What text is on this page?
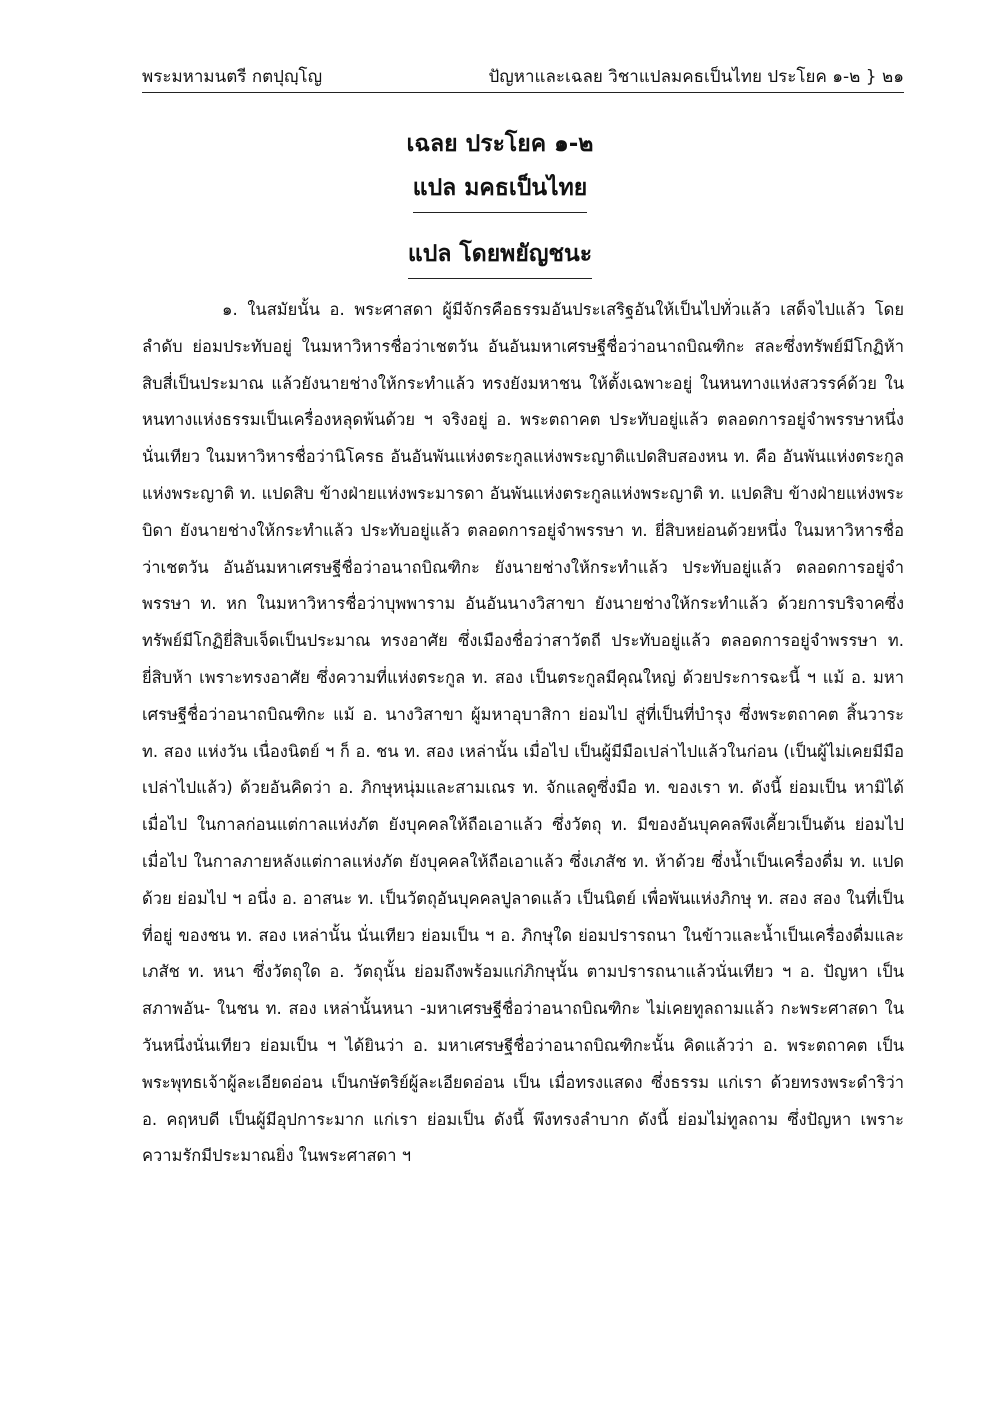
พระมหามนตรี กตปุญฺโญ	ปัญหาและเฉลย วิชาแปลมคธเป็นไทย ประโยค ๑-๒ } ๒๑
เฉลย ประโยค ๑-๒
แปล มคธเป็นไทย
แปล โดยพยัญชนะ

๑. ในสมัยนั้น อ. พระศาสดา ผู้มีจักรคือธรรมอันประเสริฐอันให้เป็นไปทั่วแล้ว เสด็จไปแล้ว โดยลำดับ ย่อมประทับอยู่ ในมหาวิหารชื่อว่าเชตวัน อันอันมหาเศรษฐีชื่อว่าอนาถบิณฑิกะ สละซึ่งทรัพย์มีโกฏิห้าสิบสี่เป็นประมาณ แล้วยังนายช่างให้กระทำแล้ว ทรงยังมหาชน ให้ตั้งเฉพาะอยู่ ในหนทางแห่งสวรรค์ด้วย ในหนทางแห่งธรรมเป็นเครื่องหลุดพ้นด้วย ฯ จริงอยู่ อ. พระตถาคต ประทับอยู่แล้ว ตลอดการอยู่จำพรรษาหนึ่งนั่นเทียว ในมหาวิหารชื่อว่านิโครธ อันอันพันแห่งตระกูลแห่งพระญาติแปดสิบสองหน ท. คือ อันพันแห่งตระกูลแห่งพระญาติ ท. แปดสิบ ข้างฝ่ายแห่งพระมารดา อันพันแห่งตระกูลแห่งพระญาติ ท. แปดสิบ ข้างฝ่ายแห่งพระบิดา ยังนายช่างให้กระทำแล้ว ประทับอยู่แล้ว ตลอดการอยู่จำพรรษา ท. ยี่สิบหย่อนด้วยหนึ่ง ในมหาวิหารชื่อว่าเชตวัน อันอันมหาเศรษฐีชื่อว่าอนาถบิณฑิกะ ยังนายช่างให้กระทำแล้ว ประทับอยู่แล้ว ตลอดการอยู่จำพรรษา ท. หก ในมหาวิหารชื่อว่าบุพพาราม อันอันนางวิสาขา ยังนายช่างให้กระทำแล้ว ด้วยการบริจาคซึ่งทรัพย์มีโกฏิยี่สิบเจ็ดเป็นประมาณ ทรงอาศัย ซึ่งเมืองชื่อว่าสาวัตถี ประทับอยู่แล้ว ตลอดการอยู่จำพรรษา ท. ยี่สิบห้า เพราะทรงอาศัย ซึ่งความที่แห่งตระกูล ท. สอง เป็นตระกูลมีคุณใหญ่ ด้วยประการฉะนี้ ฯ แม้ อ. มหาเศรษฐีชื่อว่าอนาถบิณฑิกะ แม้ อ. นางวิสาขา ผู้มหาอุบาสิกา ย่อมไป สู่ที่เป็นที่บำรุง ซึ่งพระตถาคต สิ้นวาระ ท. สอง แห่งวัน เนื่องนิตย์ ฯ ก็ อ. ชน ท. สอง เหล่านั้น เมื่อไป เป็นผู้มีมือเปล่าไปแล้วในก่อน (เป็นผู้ไม่เคยมีมือเปล่าไปแล้ว) ด้วยอันคิดว่า อ. ภิกษุหนุ่มและสามเณร ท. จักแลดูซึ่งมือ ท. ของเรา ท. ดังนี้ ย่อมเป็น หามิได้ เมื่อไป ในกาลก่อนแต่กาลแห่งภัต ยังบุคคลให้ถือเอาแล้ว ซึ่งวัตถุ ท. มีของอันบุคคลพึงเคี้ยวเป็นต้น ย่อมไป เมื่อไป ในกาลภายหลังแต่กาลแห่งภัต ยังบุคคลให้ถือเอาแล้ว ซึ่งเภสัช ท. ห้าด้วย ซึ่งน้ำเป็นเครื่องดื่ม ท. แปดด้วย ย่อมไป ฯ อนึ่ง อ. อาสนะ ท. เป็นวัตถุอันบุคคลปูลาดแล้ว เป็นนิตย์ เพื่อพันแห่งภิกษุ ท. สอง สอง ในที่เป็นที่อยู่ ของชน ท. สอง เหล่านั้น นั่นเทียว ย่อมเป็น ฯ อ. ภิกษุใด ย่อมปรารถนา ในข้าวและน้ำเป็นเครื่องดื่มและเภสัช ท. หนา ซึ่งวัตถุใด อ. วัตถุนั้น ย่อมถึงพร้อมแก่ภิกษุนั้น ตามปรารถนาแล้วนั่นเทียว ฯ อ. ปัญหา เป็นสภาพอัน- ในชน ท. สอง เหล่านั้นหนา -มหาเศรษฐีชื่อว่าอนาถบิณฑิกะ ไม่เคยทูลถามแล้ว กะพระศาสดา ในวันหนึ่งนั่นเทียว ย่อมเป็น ฯ ได้ยินว่า อ. มหาเศรษฐีชื่อว่าอนาถบิณฑิกะนั้น คิดแล้วว่า อ. พระตถาคต เป็นพระพุทธเจ้าผู้ละเอียดอ่อน เป็นกษัตริย์ผู้ละเอียดอ่อน เป็น เมื่อทรงแสดง ซึ่งธรรม แก่เรา ด้วยทรงพระดำริว่า อ. คฤหบดี เป็นผู้มีอุปการะมาก แก่เรา ย่อมเป็น ดังนี้ พึงทรงลำบาก ดังนี้ ย่อมไม่ทูลถาม ซึ่งปัญหา เพราะความรักมีประมาณยิ่ง ในพระศาสดา ฯ
